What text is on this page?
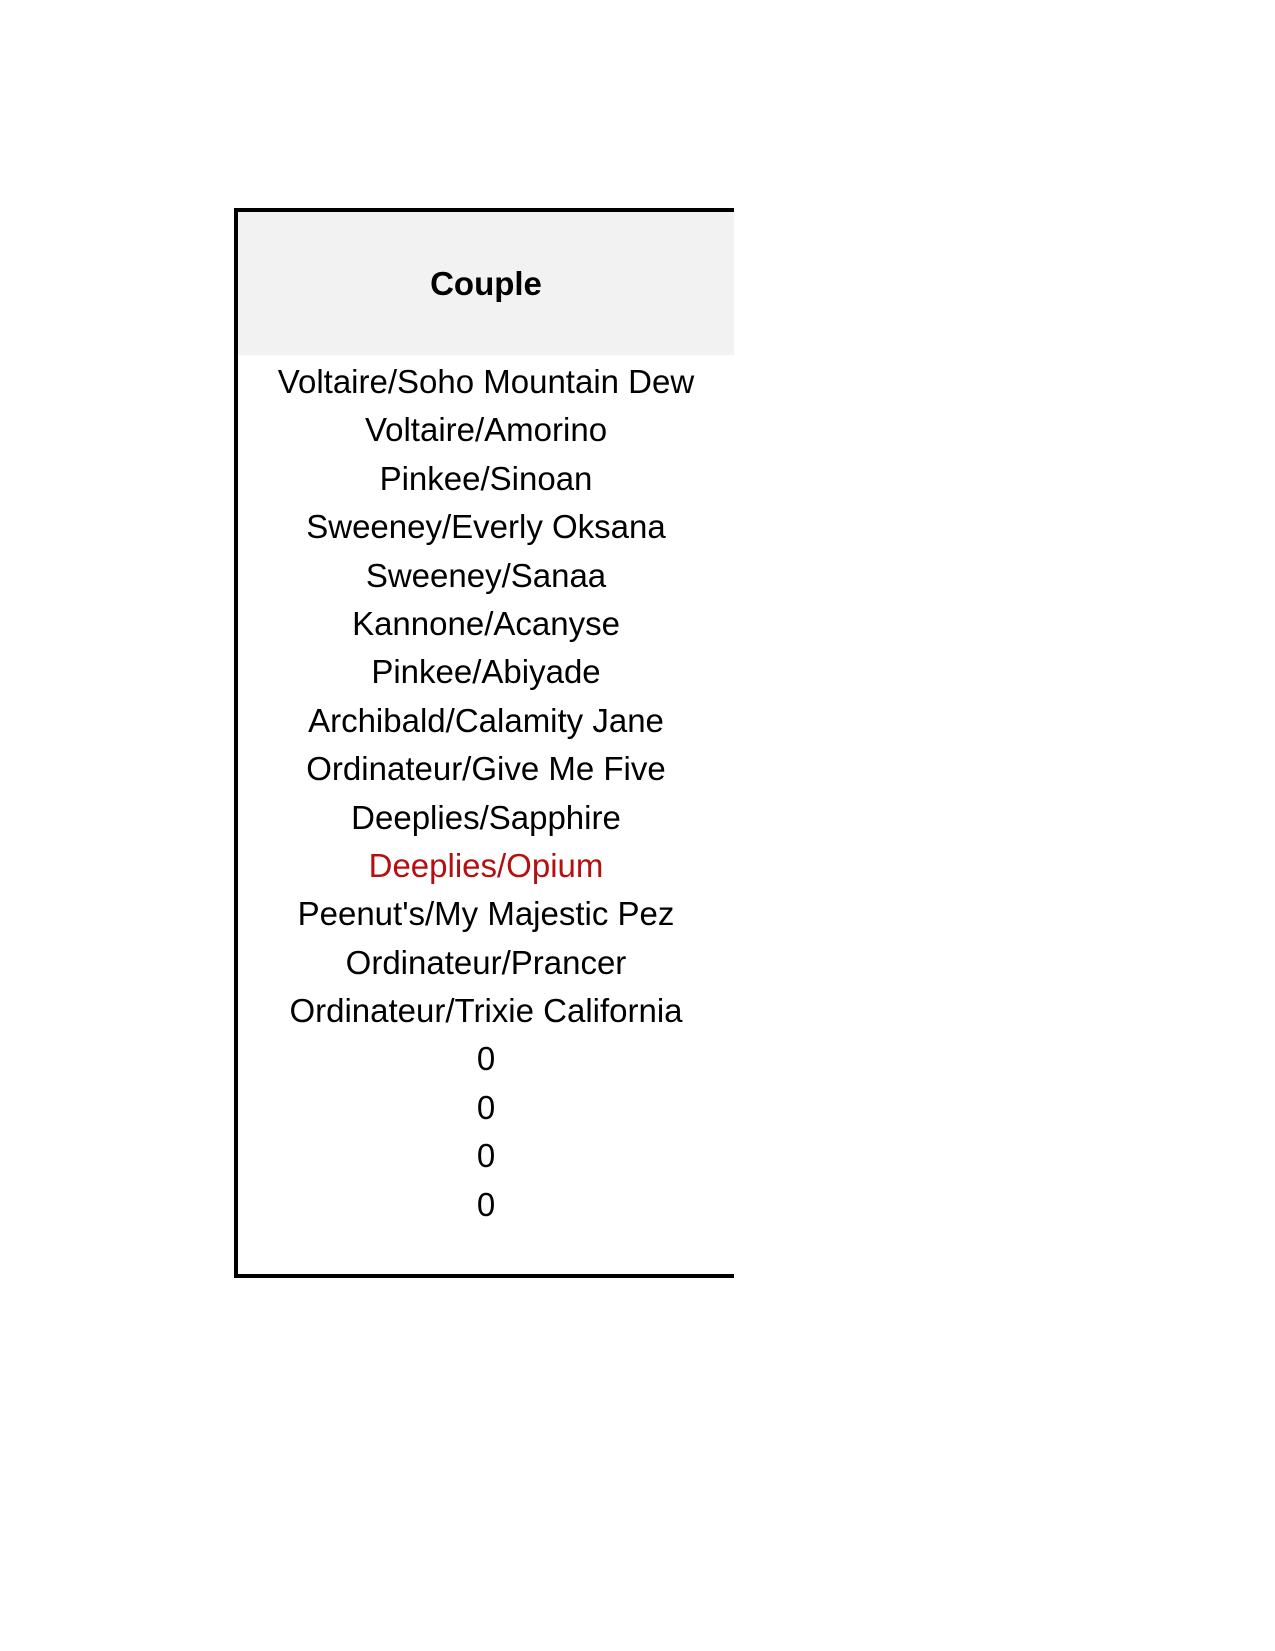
Couple
Voltaire/Soho Mountain Dew
Voltaire/Amorino
Pinkee/Sinoan
Sweeney/Everly Oksana
Sweeney/Sanaa
Kannone/Acanyse
Pinkee/Abiyade
Archibald/Calamity Jane
Ordinateur/Give Me Five
Deeplies/Sapphire
Deeplies/Opium
Peenut's/My Majestic Pez
Ordinateur/Prancer
Ordinateur/Trixie California
0
0
0
0
